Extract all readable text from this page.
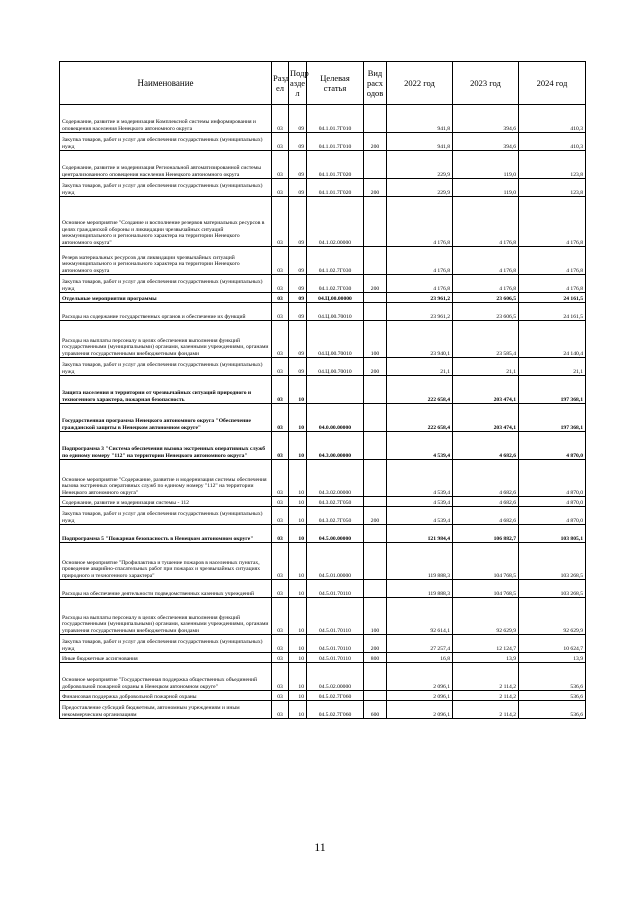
Наименование	Разд ел	Подр азде л	Целевая статья	Вид расх одов	2022 год	2023 год	2024 год
Содержание, развитие и модернизация Комплексной системы информирования и оповещения населения Ненецкого автономного округа	03	09	04.1.01.7Г010		941,8	394,6	410,3
Закупка товаров, работ и услуг для обеспечения государственных (муниципальных) нужд	03	09	04.1.01.7Г010	200	941,8	394,6	410,3
Содержание, развитие и модернизация Региональной автоматизированной системы централизованного оповещения населения Ненецкого автономного округа	03	09	04.1.01.7Г020		229,9	119,0	123,8
Закупка товаров, работ и услуг для обеспечения государственных (муниципальных) нужд	03	09	04.1.01.7Г020	200	229,9	119,0	123,8
Основное мероприятие "Создание и восполнение резервов материальных ресурсов в целях гражданской обороны и ликвидации чрезвычайных ситуаций межмуниципального и регионального характера на территории Ненецкого автономного округа"	03	09	04.1.02.00000		4 176,8	4 176,8	4 176,8
Резерв материальных ресурсов для ликвидации чрезвычайных ситуаций межмуниципального и регионального характера на территории Ненецкого автономного округа	03	09	04.1.02.7Г030		4 176,8	4 176,8	4 176,8
Закупка товаров, работ и услуг для обеспечения государственных (муниципальных) нужд	03	09	04.1.02.7Г030	200	4 176,8	4 176,8	4 176,8
Отдельные мероприятия программы	03	09	04.Ц.00.00000		23 961,2	23 606,5	24 161,5
Расходы на содержание государственных органов и обеспечение их функций	03	09	04.Ц.00.70010		23 961,2	23 606,5	24 161,5
Расходы на выплаты персоналу в целях обеспечения выполнения функций государственными (муниципальными) органами, казенными учреждениями, органами управления государственными внебюджетными фондами	03	09	04.Ц.00.70010	100	23 940,1	23 585,4	24 140,4
Закупка товаров, работ и услуг для обеспечения государственных (муниципальных) нужд	03	09	04.Ц.00.70010	200	21,1	21,1	21,1
Защита населения и территории от чрезвычайных ситуаций природного и техногенного характера, пожарная безопасность	03	10			222 658,4	203 474,1	197 368,1
Государственная программа Ненецкого автономного округа "Обеспечение гражданской защиты в Ненецком автономном округе"	03	10	04.0.00.00000		222 658,4	203 474,1	197 368,1
Подпрограмма 3 "Система обеспечения вызова экстренных оперативных служб по единому номеру "112" на территории Ненецкого автономного округа"	03	10	04.3.00.00000		4 539,4	4 682,6	4 870,0
Основное мероприятие "Содержание, развитие и модернизация системы обеспечения вызова экстренных оперативных служб по единому номеру "112" на территории Ненецкого автономного округа"	03	10	04.3.02.00000		4 539,4	4 682,6	4 870,0
Содержание, развитие и модернизация системы - 112	03	10	04.3.02.7Г050		4 539,4	4 682,6	4 870,0
Закупка товаров, работ и услуг для обеспечения государственных (муниципальных) нужд	03	10	04.3.02.7Г050	200	4 539,4	4 682,6	4 870,0
Подпрограмма 5 "Пожарная безопасность в Ненецком автономном округе"	03	10	04.5.00.00000		121 984,4	106 882,7	103 805,1
Основное мероприятие "Профилактика и тушение пожаров в населенных пунктах, проведение аварийно-спасательных работ при пожарах и чрезвычайных ситуациях природного и техногенного характера"	03	10	04.5.01.00000		119 888,3	104 768,5	103 268,5
Расходы на обеспечение деятельности подведомственных казенных учреждений	03	10	04.5.01.70110		119 888,3	104 768,5	103 268,5
Расходы на выплаты персоналу в целях обеспечения выполнения функций государственными (муниципальными) органами, казенными учреждениями, органами управления государственными внебюджетными фондами	03	10	04.5.01.70110	100	92 614,1	92 629,9	92 629,9
Закупка товаров, работ и услуг для обеспечения государственных (муниципальных) нужд	03	10	04.5.01.70110	200	27 257,4	12 124,7	10 624,7
Иные бюджетные ассигнования	03	10	04.5.01.70110	800	16,8	13,9	13,9
Основное мероприятие "Государственная поддержка общественных объединений добровольной пожарной охраны в Ненецком автономном округе"	03	10	04.5.02.00000		2 096,1	2 114,2	536,6
Финансовая поддержка добровольной пожарной охраны	03	10	04.5.02.7Г060		2 096,1	2 114,2	536,6
Предоставление субсидий бюджетным, автономным учреждениям и иным некоммерческим организациям	03	10	04.5.02.7Г060	600	2 096,1	2 114,2	536,6
11
